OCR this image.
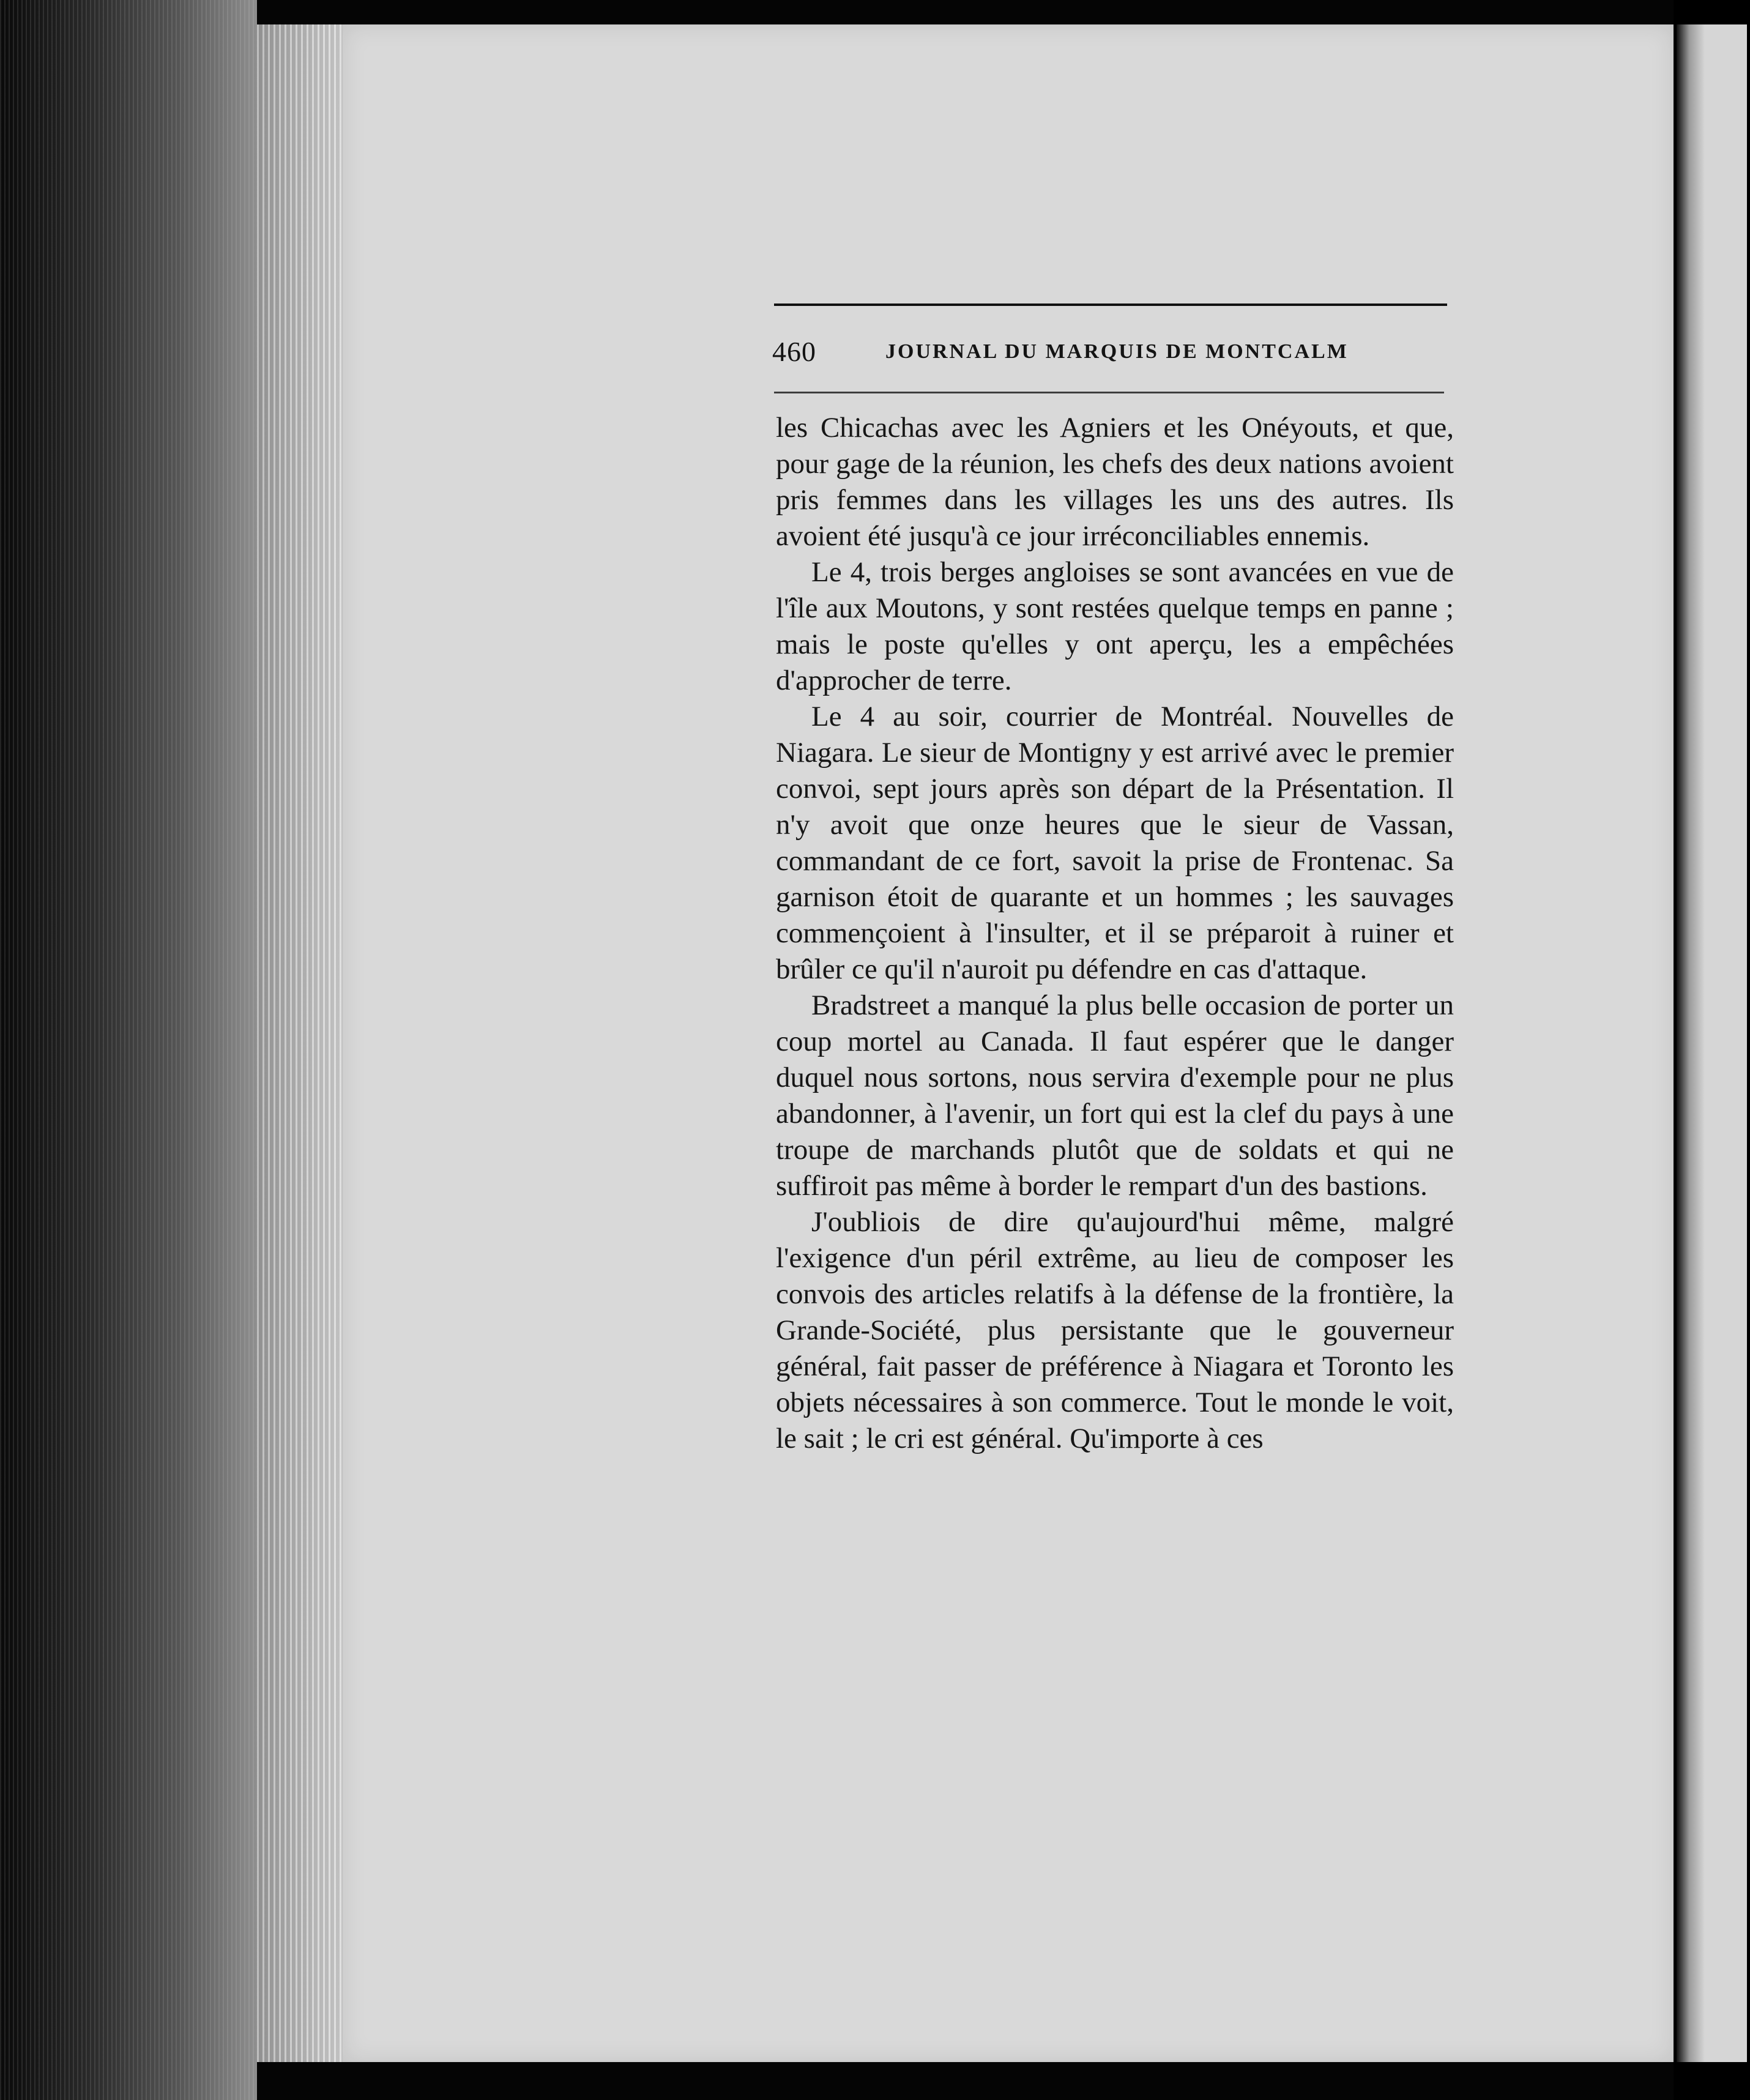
460	JOURNAL DU MARQUIS DE MONTCALM

les Chicachas avec les Agniers et les Onéyouts, et que, pour gage de la réunion, les chefs des deux nations avoient pris femmes dans les villages les uns des autres. Ils avoient été jusqu'à ce jour irréconciliables ennemis.

Le 4, trois berges angloises se sont avancées en vue de l'île aux Moutons, y sont restées quelque temps en panne ; mais le poste qu'elles y ont aperçu, les a empêchées d'approcher de terre.

Le 4 au soir, courrier de Montréal. Nouvelles de Niagara. Le sieur de Montigny y est arrivé avec le premier convoi, sept jours après son départ de la Présentation. Il n'y avoit que onze heures que le sieur de Vassan, commandant de ce fort, savoit la prise de Frontenac. Sa garnison étoit de quarante et un hommes ; les sauvages commençoient à l'insulter, et il se préparoit à ruiner et brûler ce qu'il n'auroit pu défendre en cas d'attaque.

Bradstreet a manqué la plus belle occasion de porter un coup mortel au Canada. Il faut espérer que le danger duquel nous sortons, nous servira d'exemple pour ne plus abandonner, à l'avenir, un fort qui est la clef du pays à une troupe de marchands plutôt que de soldats et qui ne suffiroit pas même à border le rempart d'un des bastions.

J'oubliois de dire qu'aujourd'hui même, malgré l'exigence d'un péril extrême, au lieu de composer les convois des articles relatifs à la défense de la frontière, la Grande-Société, plus persistante que le gouverneur général, fait passer de préférence à Niagara et Toronto les objets nécessaires à son commerce. Tout le monde le voit, le sait ; le cri est général. Qu'importe à ces
